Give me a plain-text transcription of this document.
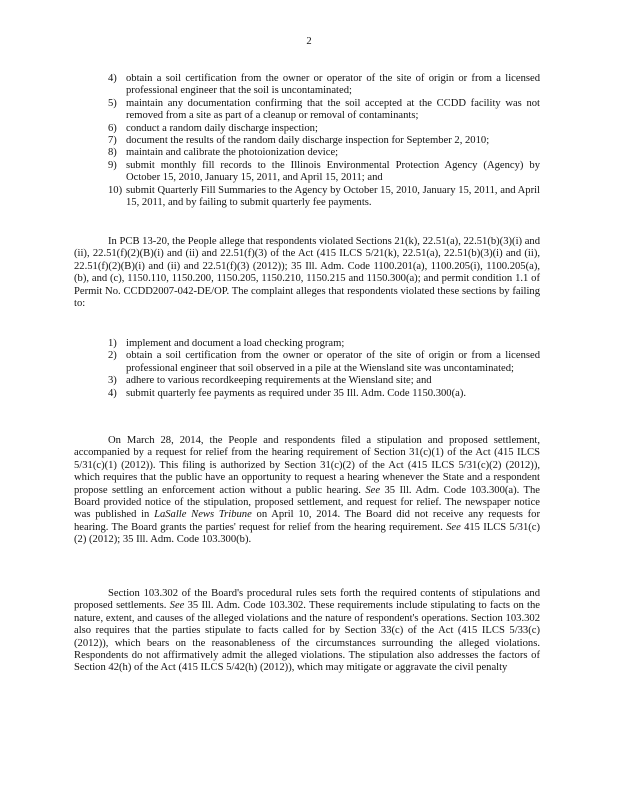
2
4) obtain a soil certification from the owner or operator of the site of origin or from a licensed professional engineer that the soil is uncontaminated;
5) maintain any documentation confirming that the soil accepted at the CCDD facility was not removed from a site as part of a cleanup or removal of contaminants;
6) conduct a random daily discharge inspection;
7) document the results of the random daily discharge inspection for September 2, 2010;
8) maintain and calibrate the photoionization device;
9) submit monthly fill records to the Illinois Environmental Protection Agency (Agency) by October 15, 2010, January 15, 2011, and April 15, 2011; and
10) submit Quarterly Fill Summaries to the Agency by October 15, 2010, January 15, 2011, and April 15, 2011, and by failing to submit quarterly fee payments.

In PCB 13-20, the People allege that respondents violated Sections 21(k), 22.51(a), 22.51(b)(3)(i) and (ii), 22.51(f)(2)(B)(i) and (ii) and 22.51(f)(3) of the Act (415 ILCS 5/21(k), 22.51(a), 22.51(b)(3)(i) and (ii), 22.51(f)(2)(B)(i) and (ii) and 22.51(f)(3) (2012)); 35 Ill. Adm. Code 1100.201(a), 1100.205(i), 1100.205(a),(b), and (c), 1150.110, 1150.200, 1150.205, 1150.210, 1150.215 and 1150.300(a); and permit condition 1.1 of Permit No. CCDD2007-042-DE/OP. The complaint alleges that respondents violated these sections by failing to:

1) implement and document a load checking program;
2) obtain a soil certification from the owner or operator of the site of origin or from a licensed professional engineer that soil observed in a pile at the Wiensland site was uncontaminated;
3) adhere to various recordkeeping requirements at the Wiensland site; and
4) submit quarterly fee payments as required under 35 Ill. Adm. Code 1150.300(a).

On March 28, 2014, the People and respondents filed a stipulation and proposed settlement, accompanied by a request for relief from the hearing requirement of Section 31(c)(1) of the Act (415 ILCS 5/31(c)(1) (2012)). This filing is authorized by Section 31(c)(2) of the Act (415 ILCS 5/31(c)(2) (2012)), which requires that the public have an opportunity to request a hearing whenever the State and a respondent propose settling an enforcement action without a public hearing. See 35 Ill. Adm. Code 103.300(a). The Board provided notice of the stipulation, proposed settlement, and request for relief. The newspaper notice was published in LaSalle News Tribune on April 10, 2014. The Board did not receive any requests for hearing. The Board grants the parties' request for relief from the hearing requirement. See 415 ILCS 5/31(c)(2) (2012); 35 Ill. Adm. Code 103.300(b).

Section 103.302 of the Board's procedural rules sets forth the required contents of stipulations and proposed settlements. See 35 Ill. Adm. Code 103.302. These requirements include stipulating to facts on the nature, extent, and causes of the alleged violations and the nature of respondent's operations. Section 103.302 also requires that the parties stipulate to facts called for by Section 33(c) of the Act (415 ILCS 5/33(c) (2012)), which bears on the reasonableness of the circumstances surrounding the alleged violations. Respondents do not affirmatively admit the alleged violations. The stipulation also addresses the factors of Section 42(h) of the Act (415 ILCS 5/42(h) (2012)), which may mitigate or aggravate the civil penalty
